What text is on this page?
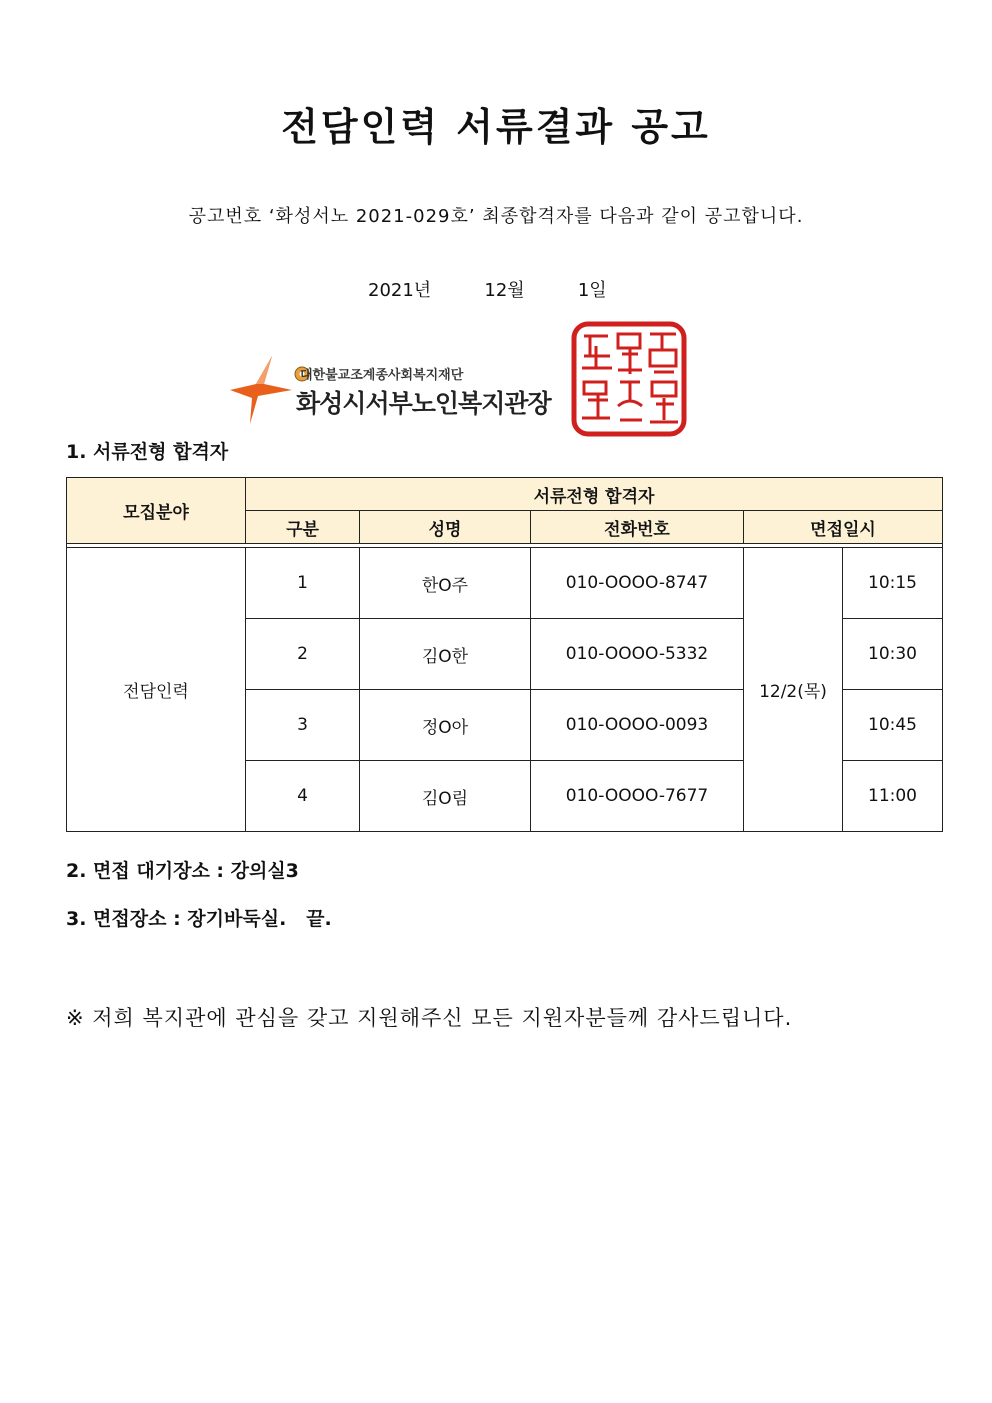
전담인력 서류결과 공고
공고번호 ‘화성서노 2021-029호’ 최종합격자를 다음과 같이 공고합니다.
2021년   12월   1일
대한불교조계종사회복지재단
화성시서부노인복지관장
1. 서류전형 합격자
모집분야	서류전형 합격자				
	구분	성명	전화번호	면접일시	

전담인력	1	한O주	010-OOOO-8747	12/2(목)	10:15
	2	김O한	010-OOOO-5332		10:30
	3	정O아	010-OOOO-0093		10:45
	4	김O림	010-OOOO-7677		11:00
2. 면접 대기장소 : 강의실3
3. 면접장소 : 장기바둑실.   끝.
※ 저희 복지관에 관심을 갖고 지원해주신 모든 지원자분들께 감사드립니다.
